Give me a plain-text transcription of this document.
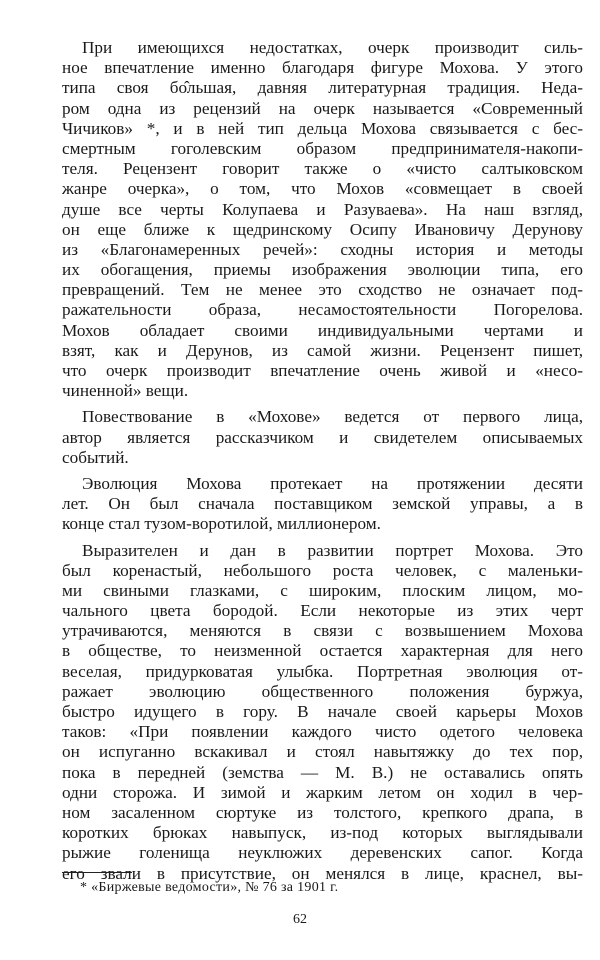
При имеющихся недостатках, очерк производит силь-
ное впечатление именно благодаря фигуре Мохова. У этого
типа своя бо̂льшая, давняя литературная традиция. Неда-
ром одна из рецензий на очерк называется «Современный
Чичиков» *, и в ней тип дельца Мохова связывается с бес-
смертным гоголевским образом предпринимателя-накопи-
теля. Рецензент говорит также о «чисто салтыковском
жанре очерка», о том, что Мохов «совмещает в своей
душе все черты Колупаева и Разуваева». На наш взгляд,
он еще ближе к щедринскому Осипу Ивановичу Дерунову
из «Благонамеренных речей»: сходны история и методы
их обогащения, приемы изображения эволюции типа, его
превращений. Тем не менее это сходство не означает под-
ражательности образа, несамостоятельности Погорелова.
Мохов обладает своими индивидуальными чертами и
взят, как и Дерунов, из самой жизни. Рецензент пишет,
что очерк производит впечатление очень живой и «несо-
чиненной» вещи.
Повествование в «Мохове» ведется от первого лица,
автор является рассказчиком и свидетелем описываемых
событий.
Эволюция Мохова протекает на протяжении десяти
лет. Он был сначала поставщиком земской управы, а в
конце стал тузом-воротилой, миллионером.
Выразителен и дан в развитии портрет Мохова. Это
был коренастый, небольшого роста человек, с маленьки-
ми свиными глазками, с широким, плоским лицом, мо-
чального цвета бородой. Если некоторые из этих черт
утрачиваются, меняются в связи с возвышением Мохова
в обществе, то неизменной остается характерная для него
веселая, придурковатая улыбка. Портретная эволюция от-
ражает эволюцию общественного положения буржуа,
быстро идущего в гору. В начале своей карьеры Мохов
таков: «При появлении каждого чисто одетого человека
он испуганно вскакивал и стоял навытяжку до тех пор,
пока в передней (земства — М. В.) не оставались опять
одни сторожа. И зимой и жарким летом он ходил в чер-
ном засаленном сюртуке из толстого, крепкого драпа, в
коротких брюках навыпуск, из-под которых выглядывали
рыжие голенища неуклюжих деревенских сапог. Когда
его звали в присутствие, он менялся в лице, краснел, вы-
* «Биржевые ведомости», № 76 за 1901 г.
62
